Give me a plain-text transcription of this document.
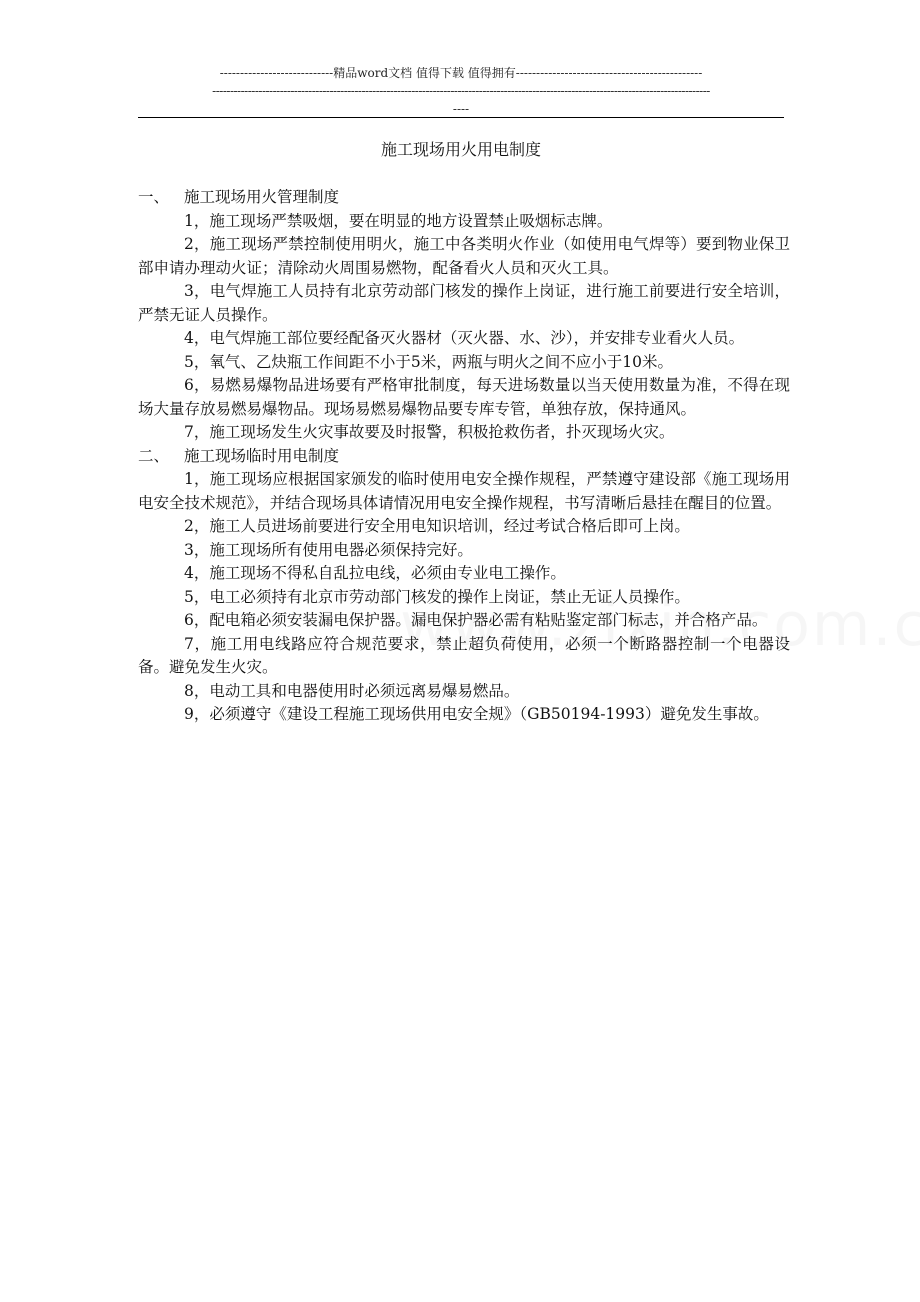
----------------------------精品word文档 值得下载 值得拥有----------------------------------------------
--------------------------------------------------------------------------------------------------------------------------------------------
----
施工现场用火用电制度

一、 施工现场用火管理制度

1，施工现场严禁吸烟，要在明显的地方设置禁止吸烟标志牌。

2，施工现场严禁控制使用明火，施工中各类明火作业（如使用电气焊等）要到物业保卫部申请办理动火证；清除动火周围易燃物，配备看火人员和灭火工具。

3，电气焊施工人员持有北京劳动部门核发的操作上岗证，进行施工前要进行安全培训，严禁无证人员操作。

4，电气焊施工部位要经配备灭火器材（灭火器、水、沙），并安排专业看火人员。

5，氧气、乙炔瓶工作间距不小于5米，两瓶与明火之间不应小于10米。

6，易燃易爆物品进场要有严格审批制度，每天进场数量以当天使用数量为准，不得在现场大量存放易燃易爆物品。现场易燃易爆物品要专库专管，单独存放，保持通风。

7，施工现场发生火灾事故要及时报警，积极抢救伤者，扑灭现场火灾。

二、 施工现场临时用电制度

1，施工现场应根据国家颁发的临时使用电安全操作规程，严禁遵守建设部《施工现场用电安全技术规范》，并结合现场具体请情况用电安全操作规程，书写清晰后悬挂在醒目的位置。

2，施工人员进场前要进行安全用电知识培训，经过考试合格后即可上岗。

3，施工现场所有使用电器必须保持完好。

4，施工现场不得私自乱拉电线，必须由专业电工操作。

5，电工必须持有北京市劳动部门核发的操作上岗证，禁止无证人员操作。

6，配电箱必须安装漏电保护器。漏电保护器必需有粘贴鉴定部门标志，并合格产品。

7，施工用电线路应符合规范要求，禁止超负荷使用，必须一个断路器控制一个电器设备。避免发生火灾。

8，电动工具和电器使用时必须远离易爆易燃品。

9，必须遵守《建设工程施工现场供用电安全规》（GB50194-1993）避免发生事故。
